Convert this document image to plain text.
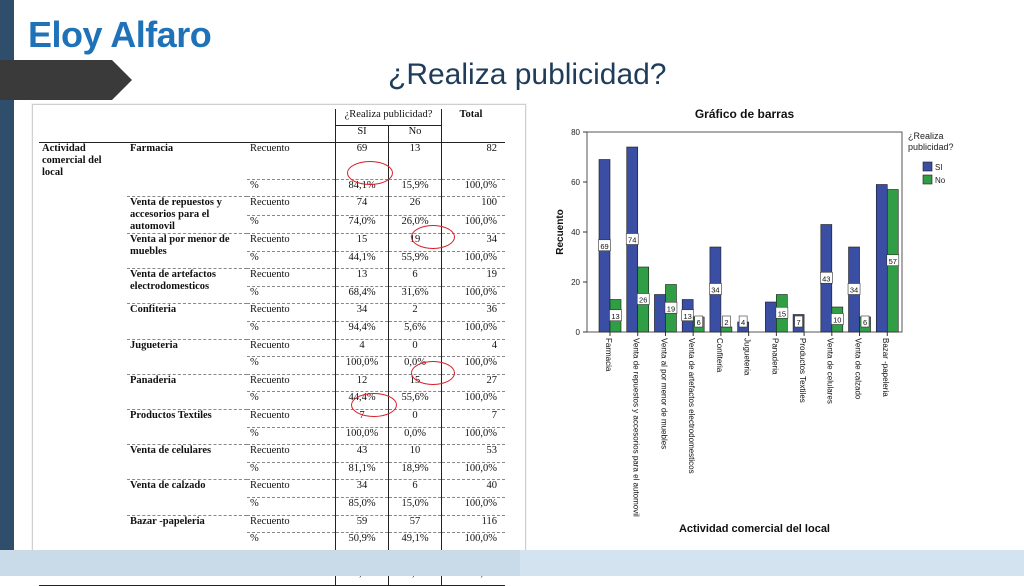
Eloy Alfaro
¿Realiza publicidad?
			¿Realiza publicidad?		Total
			SI	No	
Actividad comercial del local	Farmacia	Recuento	69	13	82
		%	84,1%	15,9%	100,0%
	Venta de repuestos y accesorios para el automovil	Recuento	74	26	100
		%	74,0%	26,0%	100,0%
	Venta al por menor de muebles	Recuento	15	19	34
		%	44,1%	55,9%	100,0%
	Venta de artefactos electrodomesticos	Recuento	13	6	19
		%	68,4%	31,6%	100,0%
	Confiteria	Recuento	34	2	36
		%	94,4%	5,6%	100,0%
	Jugueteria	Recuento	4	0	4
		%	100,0%	0,0%	100,0%
	Panaderia	Recuento	12	15	27
		%	44,4%	55,6%	100,0%
	Productos Textiles	Recuento	7	0	7
		%	100,0%	0,0%	100,0%
	Venta de celulares	Recuento	43	10	53
		%	81,1%	18,9%	100,0%
	Venta de calzado	Recuento	34	6	40
		%	85,0%	15,0%	100,0%
	Bazar -papeleria	Recuento	59	57	116
		%	50,9%	49,1%	100,0%

Gráfico de barras
0
20
40
60
80
Recuento	69
13
Farmacia
74
26
Venta de repuestos y accesorios para el automovil
19
Venta al por menor de muebles
13
6
Venta de artefactos electrodomesticos
34
2
Confiteria
4
Jugueteria
15
Panaderia
7
Productos Textiles
43
10
Venta de celulares
34
6
Venta de calzado
57
Bazar -papeleria
Actividad comercial del local
¿Realiza
publicidad?
SI
No
